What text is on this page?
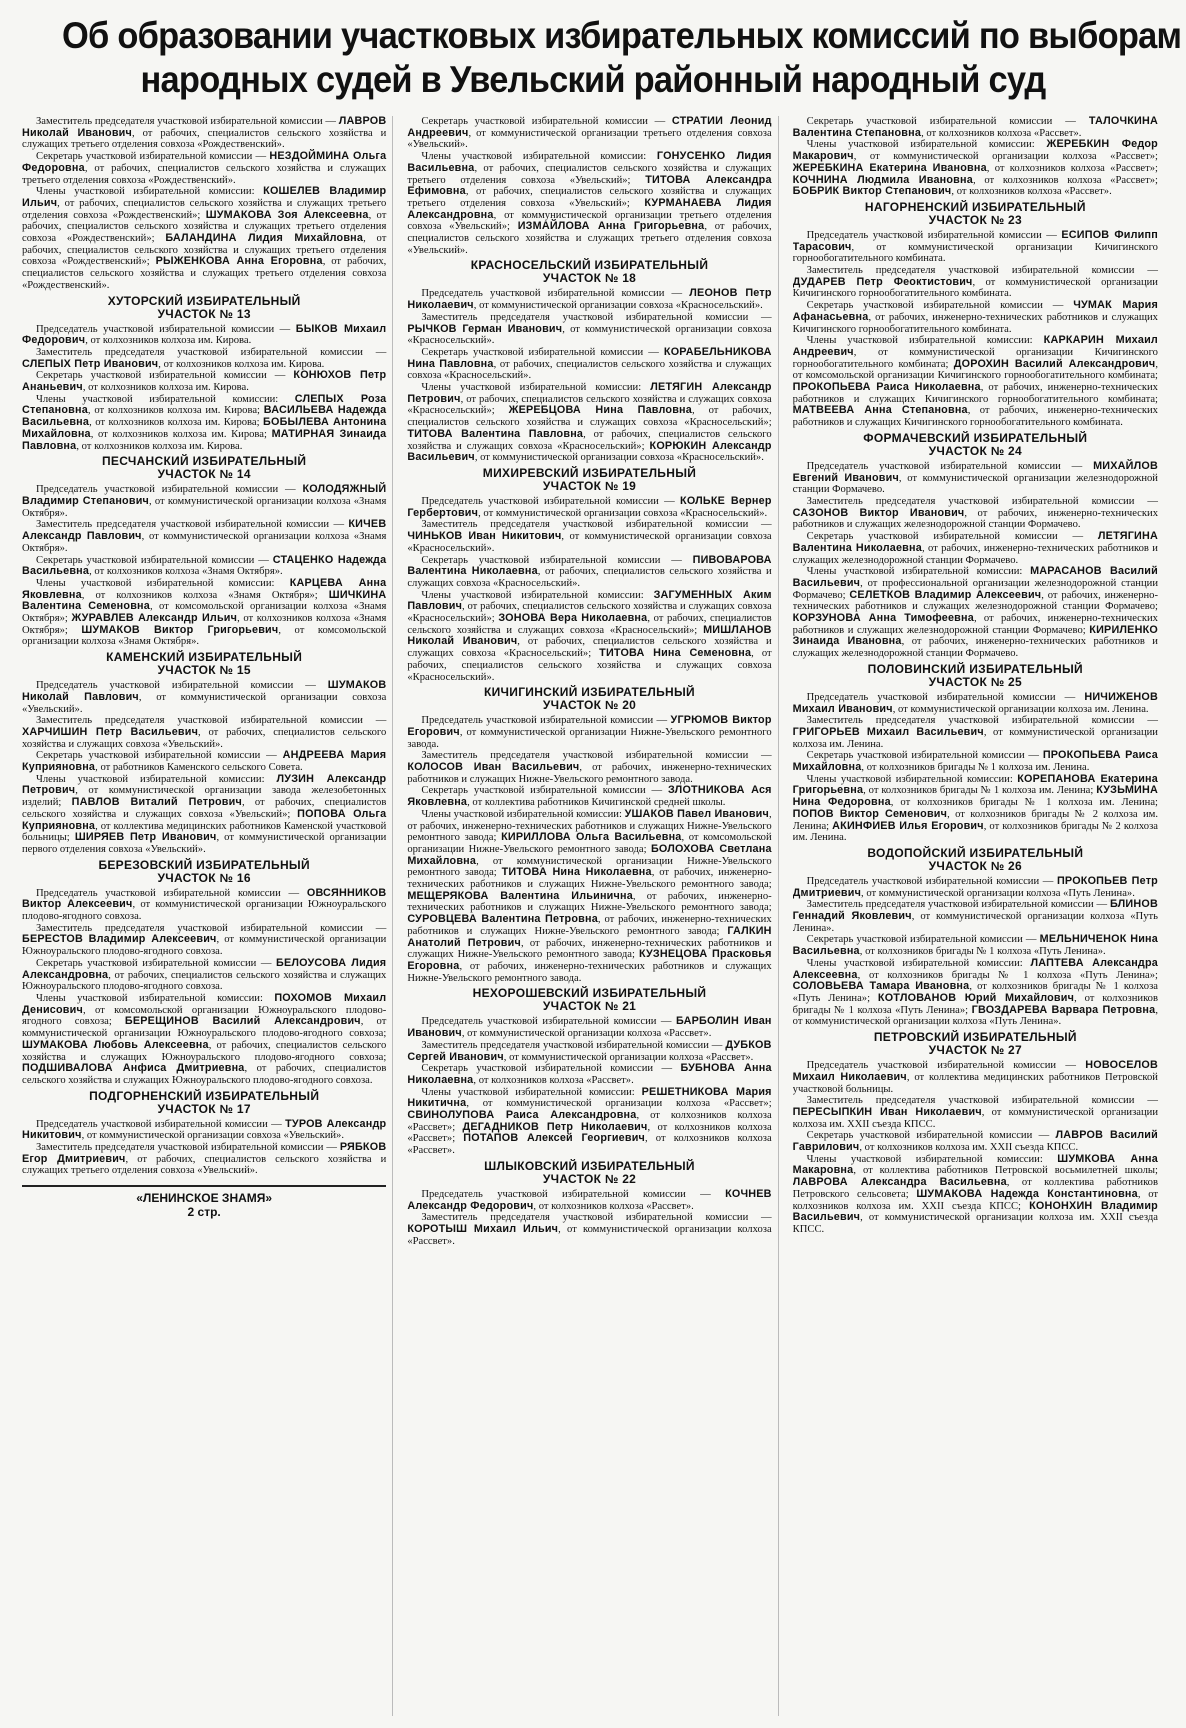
Об образовании участковых избирательных комиссий по выборам
народных судей в Увельский районный народный суд

Заместитель председателя участковой избирательной комиссии — ЛАВРОВ Николай Иванович, от рабочих, специалистов сельского хозяйства и служащих третьего отделения совхоза «Рождественский».

Секретарь участковой избирательной комиссии — НЕЗДОЙМИНА Ольга Федоровна, от рабочих, специалистов сельского хозяйства и служащих третьего отделения совхоза «Рождественский».

Члены участковой избирательной комиссии: КОШЕЛЕВ Владимир Ильич, от рабочих, специалистов сельского хозяйства и служащих третьего отделения совхоза «Рождественский»; ШУМАКОВА Зоя Алексеевна, от рабочих, специалистов сельского хозяйства и служащих третьего отделения совхоза «Рождественский»; БАЛАНДИНА Лидия Михайловна, от рабочих, специалистов сельского хозяйства и служащих третьего отделения совхоза «Рождественский»; РЫЖЕНКОВА Анна Егоровна, от рабочих, специалистов сельского хозяйства и служащих третьего отделения совхоза «Рождественский».

ХУТОРСКИЙ ИЗБИРАТЕЛЬНЫЙ
УЧАСТОК № 13

Председатель участковой избирательной комиссии — БЫКОВ Михаил Федорович, от колхозников колхоза им. Кирова.

Заместитель председателя участковой избирательной комиссии — СЛЕПЫХ Петр Иванович, от колхозников колхоза им. Кирова.

Секретарь участковой избирательной комиссии — КОНЮХОВ Петр Ананьевич, от колхозников колхоза им. Кирова.

Члены участковой избирательной комиссии: СЛЕПЫХ Роза Степановна, от колхозников колхоза им. Кирова; ВАСИЛЬЕВА Надежда Васильевна, от колхозников колхоза им. Кирова; БОБЫЛЕВА Антонина Михайловна, от колхозников колхоза им. Кирова; МАТИРНАЯ Зинаида Павловна, от колхозников колхоза им. Кирова.

ПЕСЧАНСКИЙ ИЗБИРАТЕЛЬНЫЙ
УЧАСТОК № 14

Председатель участковой избирательной комиссии — КОЛОДЯЖНЫЙ Владимир Степанович, от коммунистической организации колхоза «Знамя Октября».

Заместитель председателя участковой избирательной комиссии — КИЧЕВ Александр Павлович, от коммунистической организации колхоза «Знамя Октября».

Секретарь участковой избирательной комиссии — СТАЦЕНКО Надежда Васильевна, от колхозников колхоза «Знамя Октября».

Члены участковой избирательной комиссии: КАРЦЕВА Анна Яковлевна, от колхозников колхоза «Знамя Октября»; ШИЧКИНА Валентина Семеновна, от комсомольской организации колхоза «Знамя Октября»; ЖУРАВЛЕВ Александр Ильич, от колхозников колхоза «Знамя Октября»; ШУМАКОВ Виктор Григорьевич, от комсомольской организации колхоза «Знамя Октября».

КАМЕНСКИЙ ИЗБИРАТЕЛЬНЫЙ
УЧАСТОК № 15

Председатель участковой избирательной комиссии — ШУМАКОВ Николай Павлович, от коммунистической организации совхоза «Увельский».

Заместитель председателя участковой избирательной комиссии — ХАРЧИШИН Петр Васильевич, от рабочих, специалистов сельского хозяйства и служащих совхоза «Увельский».

Секретарь участковой избирательной комиссии — АНДРЕЕВА Мария Куприяновна, от работников Каменского сельского Совета.

Члены участковой избирательной комиссии: ЛУЗИН Александр Петрович, от коммунистической организации завода железобетонных изделий; ПАВЛОВ Виталий Петрович, от рабочих, специалистов сельского хозяйства и служащих совхоза «Увельский»; ПОПОВА Ольга Куприяновна, от коллектива медицинских работников Каменской участковой больницы; ШИРЯЕВ Петр Иванович, от коммунистической организации первого отделения совхоза «Увельский».

БЕРЕЗОВСКИЙ ИЗБИРАТЕЛЬНЫЙ
УЧАСТОК № 16

Председатель участковой избирательной комиссии — ОВСЯННИКОВ Виктор Алексеевич, от коммунистической организации Южноуральского плодово-ягодного совхоза.

Заместитель председателя участковой избирательной комиссии — БЕРЕСТОВ Владимир Алексеевич, от коммунистической организации Южноуральского плодово-ягодного совхоза.

Секретарь участковой избирательной комиссии — БЕЛОУСОВА Лидия Александровна, от рабочих, специалистов сельского хозяйства и служащих Южноуральского плодово-ягодного совхоза.

Члены участковой избирательной комиссии: ПОХОМОВ Михаил Денисович, от комсомольской организации Южноуральского плодово-ягодного совхоза; БЕРЕЩИНОВ Василий Александрович, от коммунистической организации Южноуральского плодово-ягодного совхоза; ШУМАКОВА Любовь Алексеевна, от рабочих, специалистов сельского хозяйства и служащих Южноуральского плодово-ягодного совхоза; ПОДШИВАЛОВА Анфиса Дмитриевна, от рабочих, специалистов сельского хозяйства и служащих Южноуральского плодово-ягодного совхоза.

ПОДГОРНЕНСКИЙ ИЗБИРАТЕЛЬНЫЙ
УЧАСТОК № 17

Председатель участковой избирательной комиссии — ТУРОВ Александр Никитович, от коммунистической организации совхоза «Увельский».

Заместитель председателя участковой избирательной комиссии — РЯБКОВ Егор Дмитриевич, от рабочих, специалистов сельского хозяйства и служащих третьего отделения совхоза «Увельский».

«ЛЕНИНСКОЕ ЗНАМЯ»
2 стр.

Секретарь участковой избирательной комиссии — СТРАТИЙ Леонид Андреевич, от коммунистической организации третьего отделения совхоза «Увельский».

Члены участковой избирательной комиссии: ГОНУСЕНКО Лидия Васильевна, от рабочих, специалистов сельского хозяйства и служащих третьего отделения совхоза «Увельский»; ТИТОВА Александра Ефимовна, от рабочих, специалистов сельского хозяйства и служащих третьего отделения совхоза «Увельский»; КУРМАНАЕВА Лидия Александровна, от коммунистической организации третьего отделения совхоза «Увельский»; ИЗМАЙЛОВА Анна Григорьевна, от рабочих, специалистов сельского хозяйства и служащих третьего отделения совхоза «Увельский».

КРАСНОСЕЛЬСКИЙ ИЗБИРАТЕЛЬНЫЙ
УЧАСТОК № 18

Председатель участковой избирательной комиссии — ЛЕОНОВ Петр Николаевич, от коммунистической организации совхоза «Красносельский».

Заместитель председателя участковой избирательной комиссии — РЫЧКОВ Герман Иванович, от коммунистической организации совхоза «Красносельский».

Секретарь участковой избирательной комиссии — КОРАБЕЛЬНИКОВА Нина Павловна, от рабочих, специалистов сельского хозяйства и служащих совхоза «Красносельский».

Члены участковой избирательной комиссии: ЛЕТЯГИН Александр Петрович, от рабочих, специалистов сельского хозяйства и служащих совхоза «Красносельский»; ЖЕРЕБЦОВА Нина Павловна, от рабочих, специалистов сельского хозяйства и служащих совхоза «Красносельский»; ТИТОВА Валентина Павловна, от рабочих, специалистов сельского хозяйства и служащих совхоза «Красносельский»; КОРЮКИН Александр Васильевич, от коммунистической организации совхоза «Красносельский».

МИХИРЕВСКИЙ ИЗБИРАТЕЛЬНЫЙ
УЧАСТОК № 19

Председатель участковой избирательной комиссии — КОЛЬКЕ Вернер Гербертович, от коммунистической организации совхоза «Красносельский».

Заместитель председателя участковой избирательной комиссии — ЧИНЬКОВ Иван Никитович, от коммунистической организации совхоза «Красносельский».

Секретарь участковой избирательной комиссии — ПИВОВАРОВА Валентина Николаевна, от рабочих, специалистов сельского хозяйства и служащих совхоза «Красносельский».

Члены участковой избирательной комиссии: ЗАГУМЕННЫХ Аким Павлович, от рабочих, специалистов сельского хозяйства и служащих совхоза «Красносельский»; ЗОНОВА Вера Николаевна, от рабочих, специалистов сельского хозяйства и служащих совхоза «Красносельский»; МИШЛАНОВ Николай Иванович, от рабочих, специалистов сельского хозяйства и служащих совхоза «Красносельский»; ТИТОВА Нина Семеновна, от рабочих, специалистов сельского хозяйства и служащих совхоза «Красносельский».

КИЧИГИНСКИЙ ИЗБИРАТЕЛЬНЫЙ
УЧАСТОК № 20

Председатель участковой избирательной комиссии — УГРЮМОВ Виктор Егорович, от коммунистической организации Нижне-Увельского ремонтного завода.

Заместитель председателя участковой избирательной комиссии — КОЛОСОВ Иван Васильевич, от рабочих, инженерно-технических работников и служащих Нижне-Увельского ремонтного завода.

Секретарь участковой избирательной комиссии — ЗЛОТНИКОВА Ася Яковлевна, от коллектива работников Кичигинской средней школы.

Члены участковой избирательной комиссии: УШАКОВ Павел Иванович, от рабочих, инженерно-технических работников и служащих Нижне-Увельского ремонтного завода; КИРИЛЛОВА Ольга Васильевна, от комсомольской организации Нижне-Увельского ремонтного завода; БОЛОХОВА Светлана Михайловна, от коммунистической организации Нижне-Увельского ремонтного завода; ТИТОВА Нина Николаевна, от рабочих, инженерно-технических работников и служащих Нижне-Увельского ремонтного завода; МЕЩЕРЯКОВА Валентина Ильинична, от рабочих, инженерно-технических работников и служащих Нижне-Увельского ремонтного завода; СУРОВЦЕВА Валентина Петровна, от рабочих, инженерно-технических работников и служащих Нижне-Увельского ремонтного завода; ГАЛКИН Анатолий Петрович, от рабочих, инженерно-технических работников и служащих Нижне-Увельского ремонтного завода; КУЗНЕЦОВА Прасковья Егоровна, от рабочих, инженерно-технических работников и служащих Нижне-Увельского ремонтного завода.

НЕХОРОШЕВСКИЙ ИЗБИРАТЕЛЬНЫЙ
УЧАСТОК № 21

Председатель участковой избирательной комиссии — БАРБОЛИН Иван Иванович, от коммунистической организации колхоза «Рассвет».

Заместитель председателя участковой избирательной комиссии — ДУБКОВ Сергей Иванович, от коммунистической организации колхоза «Рассвет».

Секретарь участковой избирательной комиссии — БУБНОВА Анна Николаевна, от колхозников колхоза «Рассвет».

Члены участковой избирательной комиссии: РЕШЕТНИКОВА Мария Никитична, от коммунистической организации колхоза «Рассвет»; СВИНОЛУПОВА Раиса Александровна, от колхозников колхоза «Рассвет»; ДЕГАДНИКОВ Петр Николаевич, от колхозников колхоза «Рассвет»; ПОТАПОВ Алексей Георгиевич, от колхозников колхоза «Рассвет».

ШЛЫКОВСКИЙ ИЗБИРАТЕЛЬНЫЙ
УЧАСТОК № 22

Председатель участковой избирательной комиссии — КОЧНЕВ Александр Федорович, от колхозников колхоза «Рассвет».

Заместитель председателя участковой избирательной комиссии — КОРОТЫШ Михаил Ильич, от коммунистической организации колхоза «Рассвет».

Секретарь участковой избирательной комиссии — ТАЛОЧКИНА Валентина Степановна, от колхозников колхоза «Рассвет».

Члены участковой избирательной комиссии: ЖЕРЕБКИН Федор Макарович, от коммунистической организации колхоза «Рассвет»; ЖЕРЕБКИНА Екатерина Ивановна, от колхозников колхоза «Рассвет»; КОЧНИНА Людмила Ивановна, от колхозников колхоза «Рассвет»; БОБРИК Виктор Степанович, от колхозников колхоза «Рассвет».

НАГОРНЕНСКИЙ ИЗБИРАТЕЛЬНЫЙ
УЧАСТОК № 23

Председатель участковой избирательной комиссии — ЕСИПОВ Филипп Тарасович, от коммунистической организации Кичигинского горнообогатительного комбината.

Заместитель председателя участковой избирательной комиссии — ДУДАРЕВ Петр Феоктистович, от коммунистической организации Кичигинского горнообогатительного комбината.

Секретарь участковой избирательной комиссии — ЧУМАК Мария Афанасьевна, от рабочих, инженерно-технических работников и служащих Кичигинского горнообогатительного комбината.

Члены участковой избирательной комиссии: КАРКАРИН Михаил Андреевич, от коммунистической организации Кичигинского горнообогатительного комбината; ДОРОХИН Василий Александрович, от комсомольской организации Кичигинского горнообогатительного комбината; ПРОКОПЬЕВА Раиса Николаевна, от рабочих, инженерно-технических работников и служащих Кичигинского горнообогатительного комбината; МАТВЕЕВА Анна Степановна, от рабочих, инженерно-технических работников и служащих Кичигинского горнообогатительного комбината.

ФОРМАЧЕВСКИЙ ИЗБИРАТЕЛЬНЫЙ
УЧАСТОК № 24

Председатель участковой избирательной комиссии — МИХАЙЛОВ Евгений Иванович, от коммунистической организации железнодорожной станции Формачево.

Заместитель председателя участковой избирательной комиссии — САЗОНОВ Виктор Иванович, от рабочих, инженерно-технических работников и служащих железнодорожной станции Формачево.

Секретарь участковой избирательной комиссии — ЛЕТЯГИНА Валентина Николаевна, от рабочих, инженерно-технических работников и служащих железнодорожной станции Формачево.

Члены участковой избирательной комиссии: МАРАСАНОВ Василий Васильевич, от профессиональной организации железнодорожной станции Формачево; СЕЛЕТКОВ Владимир Алексеевич, от рабочих, инженерно-технических работников и служащих железнодорожной станции Формачево; КОРЗУНОВА Анна Тимофеевна, от рабочих, инженерно-технических работников и служащих железнодорожной станции Формачево; КИРИЛЕНКО Зинаида Ивановна, от рабочих, инженерно-технических работников и служащих железнодорожной станции Формачево.

ПОЛОВИНСКИЙ ИЗБИРАТЕЛЬНЫЙ
УЧАСТОК № 25

Председатель участковой избирательной комиссии — НИЧИЖЕНОВ Михаил Иванович, от коммунистической организации колхоза им. Ленина.

Заместитель председателя участковой избирательной комиссии — ГРИГОРЬЕВ Михаил Васильевич, от коммунистической организации колхоза им. Ленина.

Секретарь участковой избирательной комиссии — ПРОКОПЬЕВА Раиса Михайловна, от колхозников бригады № 1 колхоза им. Ленина.

Члены участковой избирательной комиссии: КОРЕПАНОВА Екатерина Григорьевна, от колхозников бригады № 1 колхоза им. Ленина; КУЗЬМИНА Нина Федоровна, от колхозников бригады № 1 колхоза им. Ленина; ПОПОВ Виктор Семенович, от колхозников бригады № 2 колхоза им. Ленина; АКИНФИЕВ Илья Егорович, от колхозников бригады № 2 колхоза им. Ленина.

ВОДОПОЙСКИЙ ИЗБИРАТЕЛЬНЫЙ
УЧАСТОК № 26

Председатель участковой избирательной комиссии — ПРОКОПЬЕВ Петр Дмитриевич, от коммунистической организации колхоза «Путь Ленина».

Заместитель председателя участковой избирательной комиссии — БЛИНОВ Геннадий Яковлевич, от коммунистической организации колхоза «Путь Ленина».

Секретарь участковой избирательной комиссии — МЕЛЬНИЧЕНОК Нина Васильевна, от колхозников бригады № 1 колхоза «Путь Ленина».

Члены участковой избирательной комиссии: ЛАПТЕВА Александра Алексеевна, от колхозников бригады № 1 колхоза «Путь Ленина»; СОЛОВЬЕВА Тамара Ивановна, от колхозников бригады № 1 колхоза «Путь Ленина»; КОТЛОВАНОВ Юрий Михайлович, от колхозников бригады № 1 колхоза «Путь Ленина»; ГВОЗДАРЕВА Варвара Петровна, от коммунистической организации колхоза «Путь Ленина».

ПЕТРОВСКИЙ ИЗБИРАТЕЛЬНЫЙ
УЧАСТОК № 27

Председатель участковой избирательной комиссии — НОВОСЕЛОВ Михаил Николаевич, от коллектива медицинских работников Петровской участковой больницы.

Заместитель председателя участковой избирательной комиссии — ПЕРЕСЫПКИН Иван Николаевич, от коммунистической организации колхоза им. XXII съезда КПСС.

Секретарь участковой избирательной комиссии — ЛАВРОВ Василий Гаврилович, от колхозников колхоза им. XXII съезда КПСС.

Члены участковой избирательной комиссии: ШУМКОВА Анна Макаровна, от коллектива работников Петровской восьмилетней школы; ЛАВРОВА Александра Васильевна, от коллектива работников Петровского сельсовета; ШУМАКОВА Надежда Константиновна, от колхозников колхоза им. XXII съезда КПСС; КОНОНХИН Владимир Васильевич, от коммунистической организации колхоза им. XXII съезда КПСС.
